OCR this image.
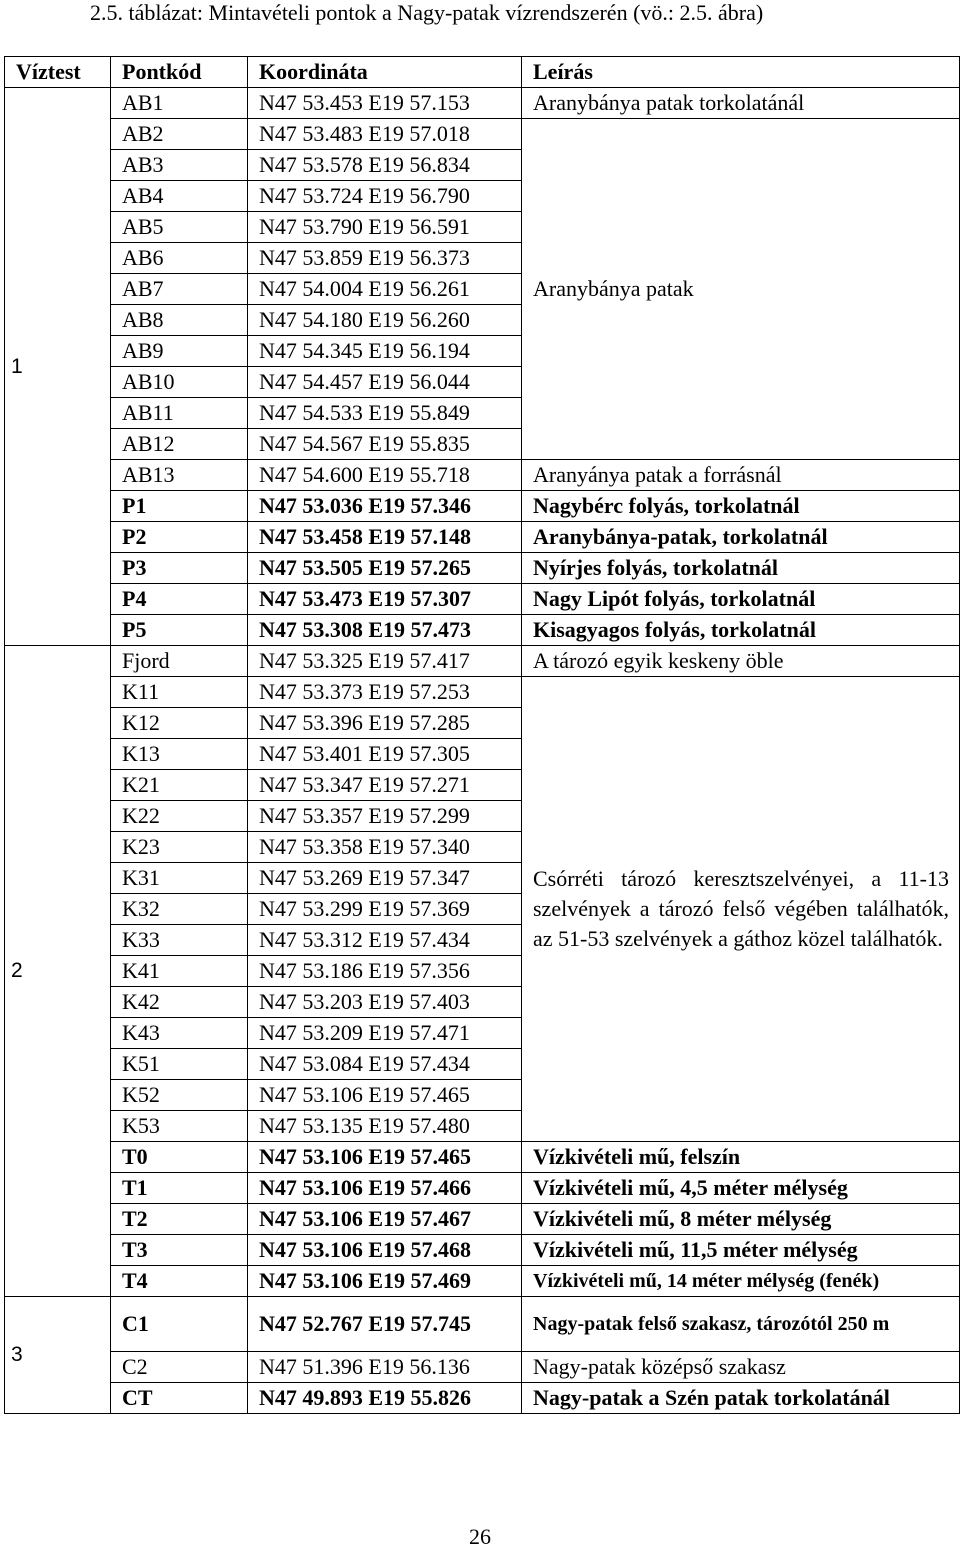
2.5. táblázat: Mintavételi pontok a Nagy-patak vízrendszerén (vö.: 2.5. ábra)
Víztest	Pontkód	Koordináta	Leírás
1	AB1	N47 53.453 E19 57.153	Aranybánya patak torkolatánál
	AB2	N47 53.483 E19 57.018	Aranybánya patak
	AB3	N47 53.578 E19 56.834	
	AB4	N47 53.724 E19 56.790	
	AB5	N47 53.790 E19 56.591	
	AB6	N47 53.859 E19 56.373	
	AB7	N47 54.004 E19 56.261	
	AB8	N47 54.180 E19 56.260	
	AB9	N47 54.345 E19 56.194	
	AB10	N47 54.457 E19 56.044	
	AB11	N47 54.533 E19 55.849	
	AB12	N47 54.567 E19 55.835	
	AB13	N47 54.600 E19 55.718	Aranyánya patak a forrásnál
	P1	N47 53.036 E19 57.346	Nagybérc folyás, torkolatnál
	P2	N47 53.458 E19 57.148	Aranybánya-patak, torkolatnál
	P3	N47 53.505 E19 57.265	Nyírjes folyás, torkolatnál
	P4	N47 53.473 E19 57.307	Nagy Lipót folyás, torkolatnál
	P5	N47 53.308 E19 57.473	Kisagyagos folyás, torkolatnál
2	Fjord	N47 53.325 E19 57.417	A tározó egyik keskeny öble
	K11	N47 53.373 E19 57.253	Csórréti tározó keresztszelvényei, a 11-13 szelvények a tározó felső végében találhatók, az 51-53 szelvények a gáthoz közel találhatók.
	K12	N47 53.396 E19 57.285	
	K13	N47 53.401 E19 57.305	
	K21	N47 53.347 E19 57.271	
	K22	N47 53.357 E19 57.299	
	K23	N47 53.358 E19 57.340	
	K31	N47 53.269 E19 57.347	
	K32	N47 53.299 E19 57.369	
	K33	N47 53.312 E19 57.434	
	K41	N47 53.186 E19 57.356	
	K42	N47 53.203 E19 57.403	
	K43	N47 53.209 E19 57.471	
	K51	N47 53.084 E19 57.434	
	K52	N47 53.106 E19 57.465	
	K53	N47 53.135 E19 57.480	
	T0	N47 53.106 E19 57.465	Vízkivételi mű, felszín
	T1	N47 53.106 E19 57.466	Vízkivételi mű, 4,5 méter mélység
	T2	N47 53.106 E19 57.467	Vízkivételi mű, 8 méter mélység
	T3	N47 53.106 E19 57.468	Vízkivételi mű, 11,5 méter mélység
	T4	N47 53.106 E19 57.469	Vízkivételi mű, 14 méter mélység (fenék)
3	C1	N47 52.767 E19 57.745	Nagy-patak felső szakasz, tározótól 250 m
	C2	N47 51.396 E19 56.136	Nagy-patak középső szakasz
	CT	N47 49.893 E19 55.826	Nagy-patak a Szén patak torkolatánál
26
